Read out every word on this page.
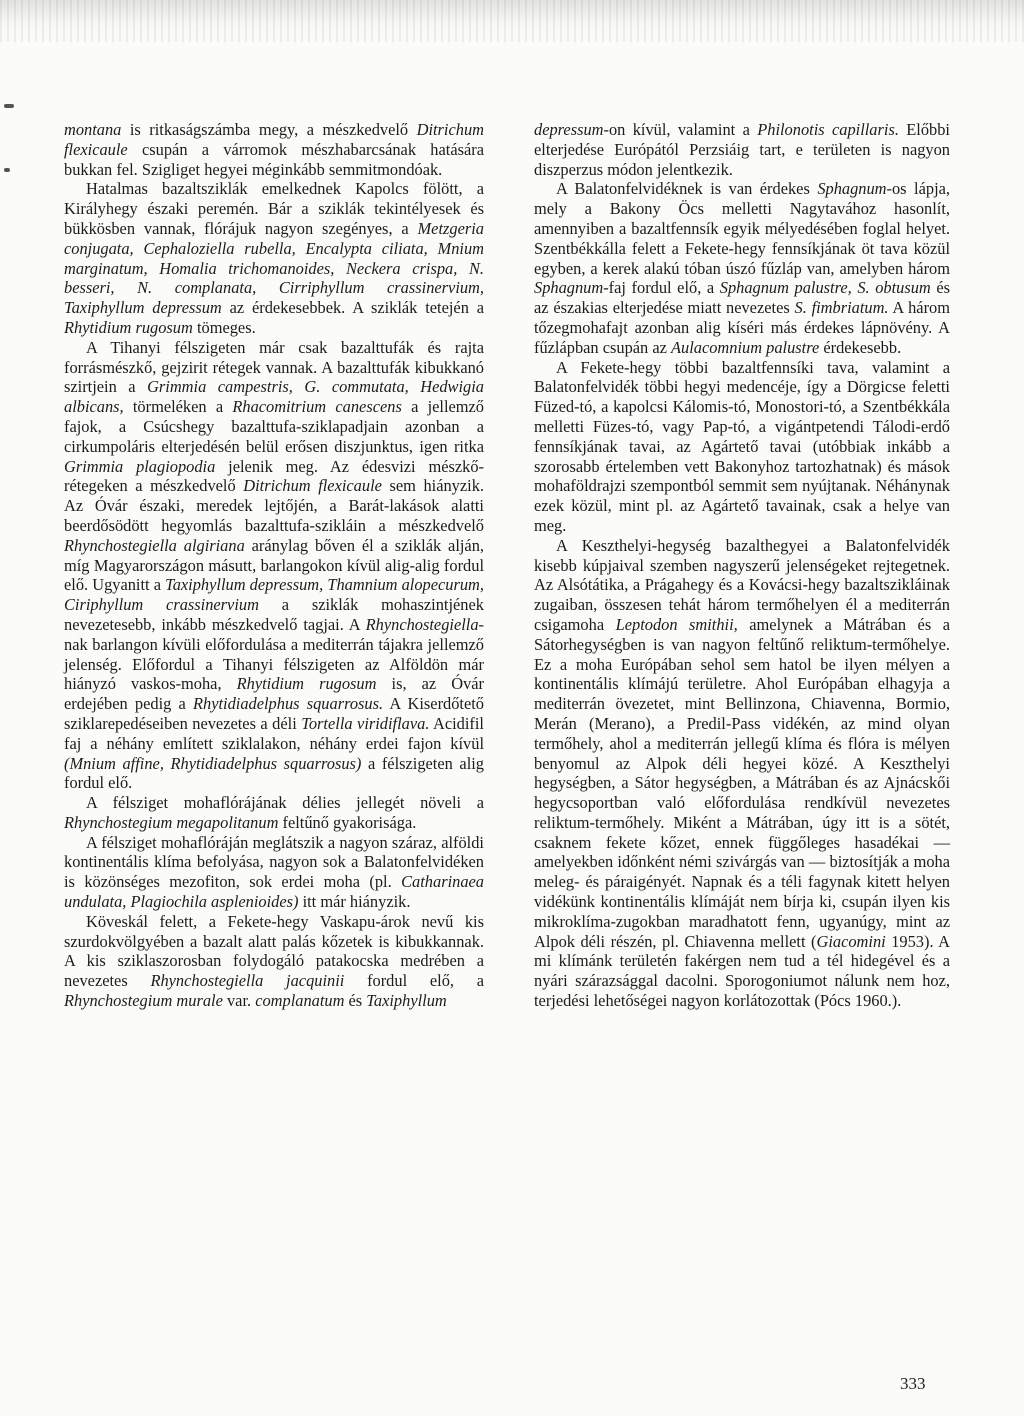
montana is ritkaságszámba megy, a mészkedvelő Ditrichum flexicaule csupán a várromok mészhabarcsának hatására bukkan fel. Szigliget hegyei méginkább semmitmondóak.

Hatalmas bazaltsziklák emelkednek Kapolcs fölött, a Királyhegy északi peremén. Bár a sziklák tekintélyesek és bükkösben vannak, flórájuk nagyon szegényes, a Metzgeria conjugata, Cephaloziella rubella, Encalypta ciliata, Mnium marginatum, Homalia trichomanoides, Neckera crispa, N. besseri, N. complanata, Cirriphyllum crassinervium, Taxiphyllum depressum az érdekesebbek. A sziklák tetején a Rhytidium rugosum tömeges.

A Tihanyi félszigeten már csak bazalttufák és rajta forrásmészkő, gejzirit rétegek vannak. A bazalttufák kibukkanó szirtjein a Grimmia campestris, G. commutata, Hedwigia albicans, törmeléken a Rhacomitrium canescens a jellemző fajok, a Csúcshegy bazalttufa-sziklapadjain azonban a cirkumpoláris elterjedésén belül erősen diszjunktus, igen ritka Grimmia plagiopodia jelenik meg. Az édesvizi mészkő-rétegeken a mészkedvelő Ditrichum flexicaule sem hiányzik. Az Óvár északi, meredek lejtőjén, a Barát-lakások alatti beerdősödött hegyomlás bazalttufa-szikláin a mészkedvelő Rhynchostegiella algiriana aránylag bőven él a sziklák alján, míg Magyarországon másutt, barlangokon kívül alig-alig fordul elő. Ugyanitt a Taxiphyllum depressum, Thamnium alopecurum, Ciriphyllum crassinervium a sziklák mohaszintjének nevezetesebb, inkább mészkedvelő tagjai. A Rhynchostegiella-nak barlangon kívüli előfordulása a mediterrán tájakra jellemző jelenség. Előfordul a Tihanyi félszigeten az Alföldön már hiányzó vaskos-moha, Rhytidium rugosum is, az Óvár erdejében pedig a Rhytidiadelphus squarrosus. A Kiserdőtető sziklarepedéseiben nevezetes a déli Tortella viridiflava. Acidifil faj a néhány említett sziklalakon, néhány erdei fajon kívül (Mnium affine, Rhytidiadelphus squarrosus) a félszigeten alig fordul elő.

A félsziget mohaflórájának délies jellegét növeli a Rhynchostegium megapolitanum feltűnő gyakorisága.

A félsziget mohaflóráján meglátszik a nagyon száraz, alföldi kontinentális klíma befolyása, nagyon sok a Balatonfelvidéken is közönséges mezofiton, sok erdei moha (pl. Catharinaea undulata, Plagiochila asplenioides) itt már hiányzik.

Köveskál felett, a Fekete-hegy Vaskapu-árok nevű kis szurdokvölgyében a bazalt alatt palás kőzetek is kibukkannak. A kis sziklaszorosban folydogáló patakocska medrében a nevezetes Rhynchostegiella jacquinii fordul elő, a Rhynchostegium murale var. complanatum és Taxiphyllum

depressum-on kívül, valamint a Philonotis capillaris. Előbbi elterjedése Európától Perzsiáig tart, e területen is nagyon diszperzus módon jelentkezik.

A Balatonfelvidéknek is van érdekes Sphagnum-os lápja, mely a Bakony Öcs melletti Nagytavához hasonlít, amennyiben a bazaltfennsík egyik mélyedésében foglal helyet. Szentbékkálla felett a Fekete-hegy fennsíkjának öt tava közül egyben, a kerek alakú tóban úszó fűzláp van, amelyben három Sphagnum-faj fordul elő, a Sphagnum palustre, S. obtusum és az északias elterjedése miatt nevezetes S. fimbriatum. A három tőzegmohafajt azonban alig kíséri más érdekes lápnövény. A fűzlápban csupán az Aulacomnium palustre érdekesebb.

A Fekete-hegy többi bazaltfennsíki tava, valamint a Balatonfelvidék többi hegyi medencéje, így a Dörgicse feletti Füzed-tó, a kapolcsi Kálomis-tó, Monostori-tó, a Szentbékkála melletti Füzes-tó, vagy Pap-tó, a vigántpetendi Tálodi-erdő fennsíkjának tavai, az Agártető tavai (utóbbiak inkább a szorosabb értelemben vett Bakonyhoz tartozhatnak) és mások mohaföldrajzi szempontból semmit sem nyújtanak. Néhánynak ezek közül, mint pl. az Agártető tavainak, csak a helye van meg.

A Keszthelyi-hegység bazalthegyei a Balatonfelvidék kisebb kúpjaival szemben nagyszerű jelenségeket rejtegetnek. Az Alsótátika, a Prágahegy és a Kovácsi-hegy bazaltszikláinak zugaiban, összesen tehát három termőhelyen él a mediterrán csigamoha Leptodon smithii, amelynek a Mátrában és a Sátorhegységben is van nagyon feltűnő reliktum-termőhelye. Ez a moha Európában sehol sem hatol be ilyen mélyen a kontinentális klímájú területre. Ahol Európában elhagyja a mediterrán övezetet, mint Bellinzona, Chiavenna, Bormio, Merán (Merano), a Predil-Pass vidékén, az mind olyan termőhely, ahol a mediterrán jellegű klíma és flóra is mélyen benyomul az Alpok déli hegyei közé. A Keszthelyi hegységben, a Sátor hegységben, a Mátrában és az Ajnácskői hegycsoportban való előfordulása rendkívül nevezetes reliktum-termőhely. Miként a Mátrában, úgy itt is a sötét, csaknem fekete kőzet, ennek függőleges hasadékai — amelyekben időnként némi szivárgás van — biztosítják a moha meleg- és páraigényét. Napnak és a téli fagynak kitett helyen vidékünk kontinentális klímáját nem bírja ki, csupán ilyen kis mikroklíma-zugokban maradhatott fenn, ugyanúgy, mint az Alpok déli részén, pl. Chiavenna mellett (Giacomini 1953). A mi klímánk területén fakérgen nem tud a tél hidegével és a nyári szárazsággal dacolni. Sporogoniumot nálunk nem hoz, terjedési lehetőségei nagyon korlátozottak (Pócs 1960.).

333
